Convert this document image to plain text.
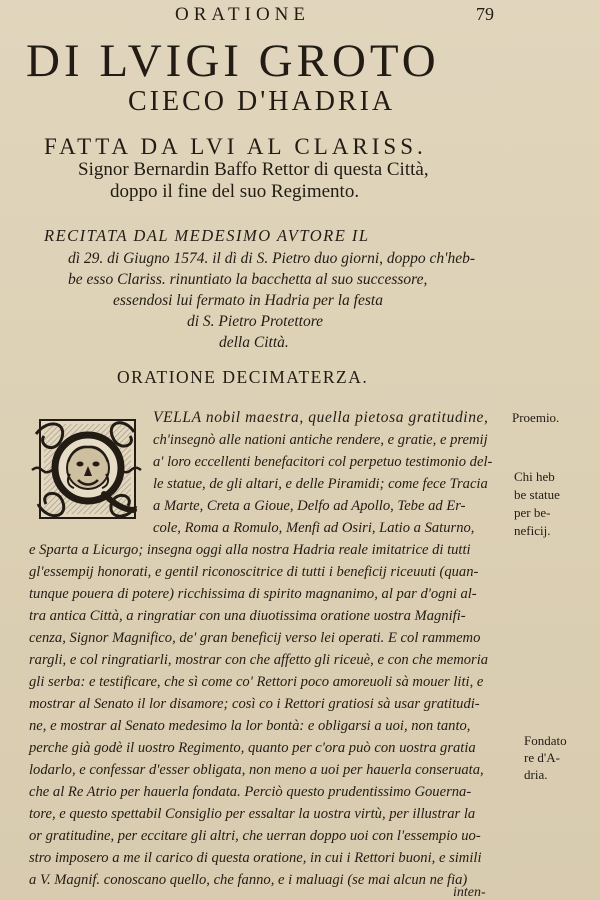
ORATIONE	79
DI LVIGI GROTO
CIECO D'HADRIA
FATTA DA LVI AL CLARISS.
Signor Bernardin Baffo Rettor di questa Città,
doppo il fine del suo Regimento.
RECITATA DAL MEDESIMO AVTORE IL
dì 29. di Giugno 1574. il dì di S. Pietro duo giorni, doppo ch'heb-
be esso Clariss. rinuntiato la bacchetta al suo successore,
essendosi lui fermato in Hadria per la festa
di S. Pietro Protettore
della Città.
ORATIONE DECIMATERZA.
VELLA nobil maestra, quella pietosa gratitudine,
ch'insegnò alle nationi antiche rendere, e gratie, e premij
a' loro eccellenti benefacitori col perpetuo testimonio del-
le statue, de gli altari, e delle Piramidi; come fece Tracia
a Marte, Creta a Gioue, Delfo ad Apollo, Tebe ad Er-
cole, Roma a Romulo, Menfi ad Osiri, Latio a Saturno,
e Sparta a Licurgo; insegna oggi alla nostra Hadria reale imitatrice di tutti
gl'essempij honorati, e gentil riconoscitrice di tutti i beneficij riceuuti (quan-
tunque pouera di potere) ricchissima di spirito magnanimo, al par d'ogni al-
tra antica Città, a ringratiar con una diuotissima oratione uostra Magnifi-
cenza, Signor Magnifico, de' gran beneficij verso lei operati. E col rammemo
rargli, e col ringratiarli, mostrar con che affetto gli riceuè, e con che memoria
gli serba: e testificare, che sì come co' Rettori poco amoreuoli sà mouer liti, e
mostrar al Senato il lor disamore; così co i Rettori gratiosi sà usar gratitudi-
ne, e mostrar al Senato medesimo la lor bontà: e obligarsi a uoi, non tanto,
perche già godè il uostro Regimento, quanto per c'ora può con uostra gratia
lodarlo, e confessar d'esser obligata, non meno a uoi per hauerla conseruata,
che al Re Atrio per hauerla fondata. Perciò questo prudentissimo Gouerna-
tore, e questo spettabil Consiglio per essaltar la uostra virtù, per illustrar la
or gratitudine, per eccitare gli altri, che uerran doppo uoi con l'essempio uo-
stro imposero a me il carico di questa oratione, in cui i Rettori buoni, e simili
a V. Magnif. conoscano quello, che fanno, e i maluagi (se mai alcun ne fia)
inten-
Proemio.
Chi heb
be statue
per be-
neficij.
Fondato
re d'A-
dria.
